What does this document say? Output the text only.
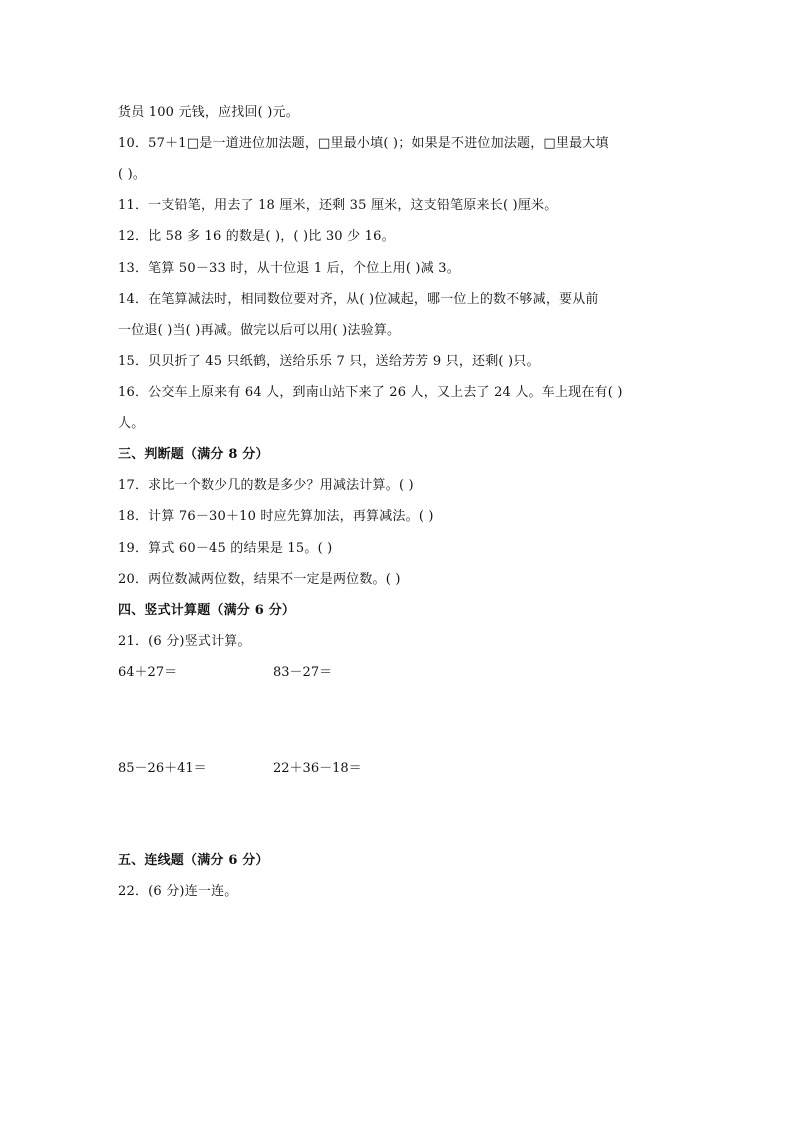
货员 100 元钱，应找回( )元。
10．57＋1□是一道进位加法题，□里最小填( )；如果是不进位加法题，□里最大填
( )。
11．一支铅笔，用去了 18 厘米，还剩 35 厘米，这支铅笔原来长( )厘米。
12．比 58 多 16 的数是( )，( )比 30 少 16。
13．笔算 50－33 时，从十位退 1 后，个位上用( )减 3。
14．在笔算减法时，相同数位要对齐，从( )位减起，哪一位上的数不够减，要从前
一位退( )当( )再减。做完以后可以用( )法验算。
15．贝贝折了 45 只纸鹤，送给乐乐 7 只，送给芳芳 9 只，还剩( )只。
16．公交车上原来有 64 人，到南山站下来了 26 人，又上去了 24 人。车上现在有( )
人。
三、判断题（满分 8 分）
17．求比一个数少几的数是多少？用减法计算。( )
18．计算 76－30＋10 时应先算加法，再算减法。( )
19．算式 60－45 的结果是 15。( )
20．两位数减两位数，结果不一定是两位数。( )
四、竖式计算题（满分 6 分）
21．(6 分)竖式计算。
64＋27＝	83－27＝
85－26＋41＝	22＋36－18＝
五、连线题（满分 6 分）
22．(6 分)连一连。
